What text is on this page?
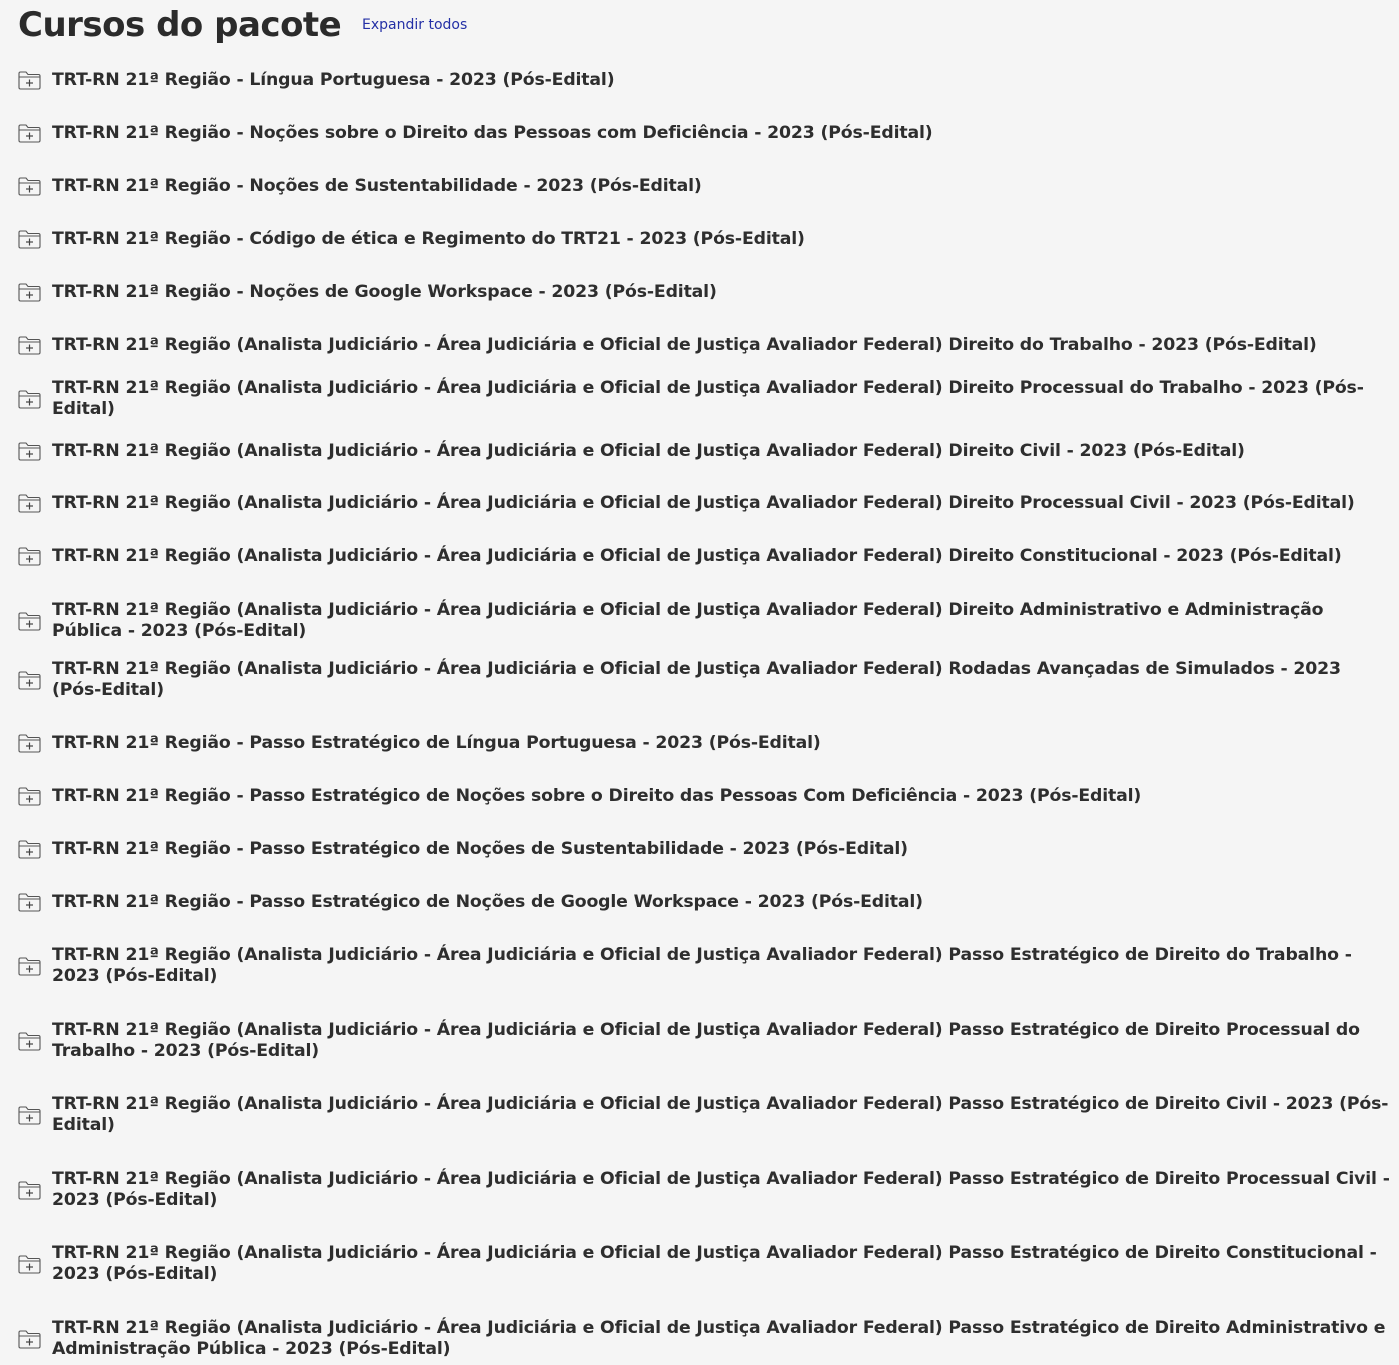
Cursos do pacote Expandir todos
TRT-RN 21ª Região - Língua Portuguesa - 2023 (Pós-Edital)
TRT-RN 21ª Região - Noções sobre o Direito das Pessoas com Deficiência - 2023 (Pós-Edital)
TRT-RN 21ª Região - Noções de Sustentabilidade - 2023 (Pós-Edital)
TRT-RN 21ª Região - Código de ética e Regimento do TRT21 - 2023 (Pós-Edital)
TRT-RN 21ª Região - Noções de Google Workspace - 2023 (Pós-Edital)
TRT-RN 21ª Região (Analista Judiciário - Área Judiciária e Oficial de Justiça Avaliador Federal) Direito do Trabalho - 2023 (Pós-Edital)
TRT-RN 21ª Região (Analista Judiciário - Área Judiciária e Oficial de Justiça Avaliador Federal) Direito Processual do Trabalho - 2023 (Pós-Edital)
TRT-RN 21ª Região (Analista Judiciário - Área Judiciária e Oficial de Justiça Avaliador Federal) Direito Civil - 2023 (Pós-Edital)
TRT-RN 21ª Região (Analista Judiciário - Área Judiciária e Oficial de Justiça Avaliador Federal) Direito Processual Civil - 2023 (Pós-Edital)
TRT-RN 21ª Região (Analista Judiciário - Área Judiciária e Oficial de Justiça Avaliador Federal) Direito Constitucional - 2023 (Pós-Edital)
TRT-RN 21ª Região (Analista Judiciário - Área Judiciária e Oficial de Justiça Avaliador Federal) Direito Administrativo e Administração Pública - 2023 (Pós-Edital)
TRT-RN 21ª Região (Analista Judiciário - Área Judiciária e Oficial de Justiça Avaliador Federal) Rodadas Avançadas de Simulados - 2023 (Pós-Edital)
TRT-RN 21ª Região - Passo Estratégico de Língua Portuguesa - 2023 (Pós-Edital)
TRT-RN 21ª Região - Passo Estratégico de Noções sobre o Direito das Pessoas Com Deficiência - 2023 (Pós-Edital)
TRT-RN 21ª Região - Passo Estratégico de Noções de Sustentabilidade - 2023 (Pós-Edital)
TRT-RN 21ª Região - Passo Estratégico de Noções de Google Workspace - 2023 (Pós-Edital)
TRT-RN 21ª Região (Analista Judiciário - Área Judiciária e Oficial de Justiça Avaliador Federal) Passo Estratégico de Direito do Trabalho - 2023 (Pós-Edital)
TRT-RN 21ª Região (Analista Judiciário - Área Judiciária e Oficial de Justiça Avaliador Federal) Passo Estratégico de Direito Processual do Trabalho - 2023 (Pós-Edital)
TRT-RN 21ª Região (Analista Judiciário - Área Judiciária e Oficial de Justiça Avaliador Federal) Passo Estratégico de Direito Civil - 2023 (Pós-Edital)
TRT-RN 21ª Região (Analista Judiciário - Área Judiciária e Oficial de Justiça Avaliador Federal) Passo Estratégico de Direito Processual Civil - 2023 (Pós-Edital)
TRT-RN 21ª Região (Analista Judiciário - Área Judiciária e Oficial de Justiça Avaliador Federal) Passo Estratégico de Direito Constitucional - 2023 (Pós-Edital)
TRT-RN 21ª Região (Analista Judiciário - Área Judiciária e Oficial de Justiça Avaliador Federal) Passo Estratégico de Direito Administrativo e Administração Pública - 2023 (Pós-Edital)
